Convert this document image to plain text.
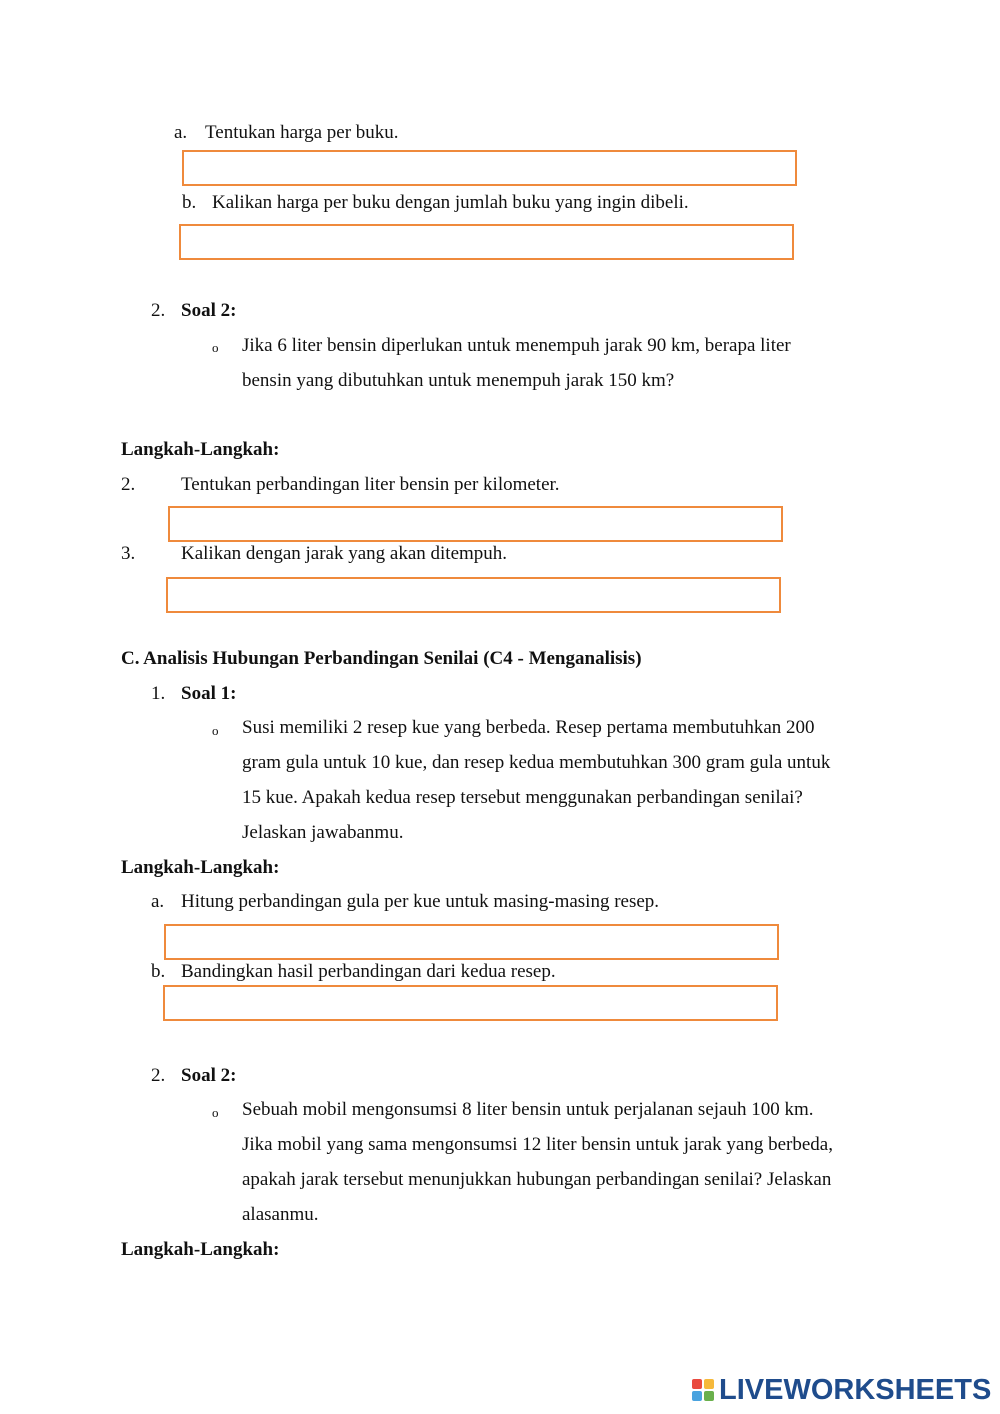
a. Tentukan harga per buku.
b. Kalikan harga per buku dengan jumlah buku yang ingin dibeli.
2. Soal 2:
o Jika 6 liter bensin diperlukan untuk menempuh jarak 90 km, berapa liter
bensin yang dibutuhkan untuk menempuh jarak 150 km?
Langkah-Langkah:
2. Tentukan perbandingan liter bensin per kilometer.
3. Kalikan dengan jarak yang akan ditempuh.
C. Analisis Hubungan Perbandingan Senilai (C4 - Menganalisis)
1. Soal 1:
o Susi memiliki 2 resep kue yang berbeda. Resep pertama membutuhkan 200
gram gula untuk 10 kue, dan resep kedua membutuhkan 300 gram gula untuk
15 kue. Apakah kedua resep tersebut menggunakan perbandingan senilai?
Jelaskan jawabanmu.
Langkah-Langkah:
a. Hitung perbandingan gula per kue untuk masing-masing resep.
b. Bandingkan hasil perbandingan dari kedua resep.
2. Soal 2:
o Sebuah mobil mengonsumsi 8 liter bensin untuk perjalanan sejauh 100 km.
Jika mobil yang sama mengonsumsi 12 liter bensin untuk jarak yang berbeda,
apakah jarak tersebut menunjukkan hubungan perbandingan senilai? Jelaskan
alasanmu.
Langkah-Langkah:
LIVEWORKSHEETS
